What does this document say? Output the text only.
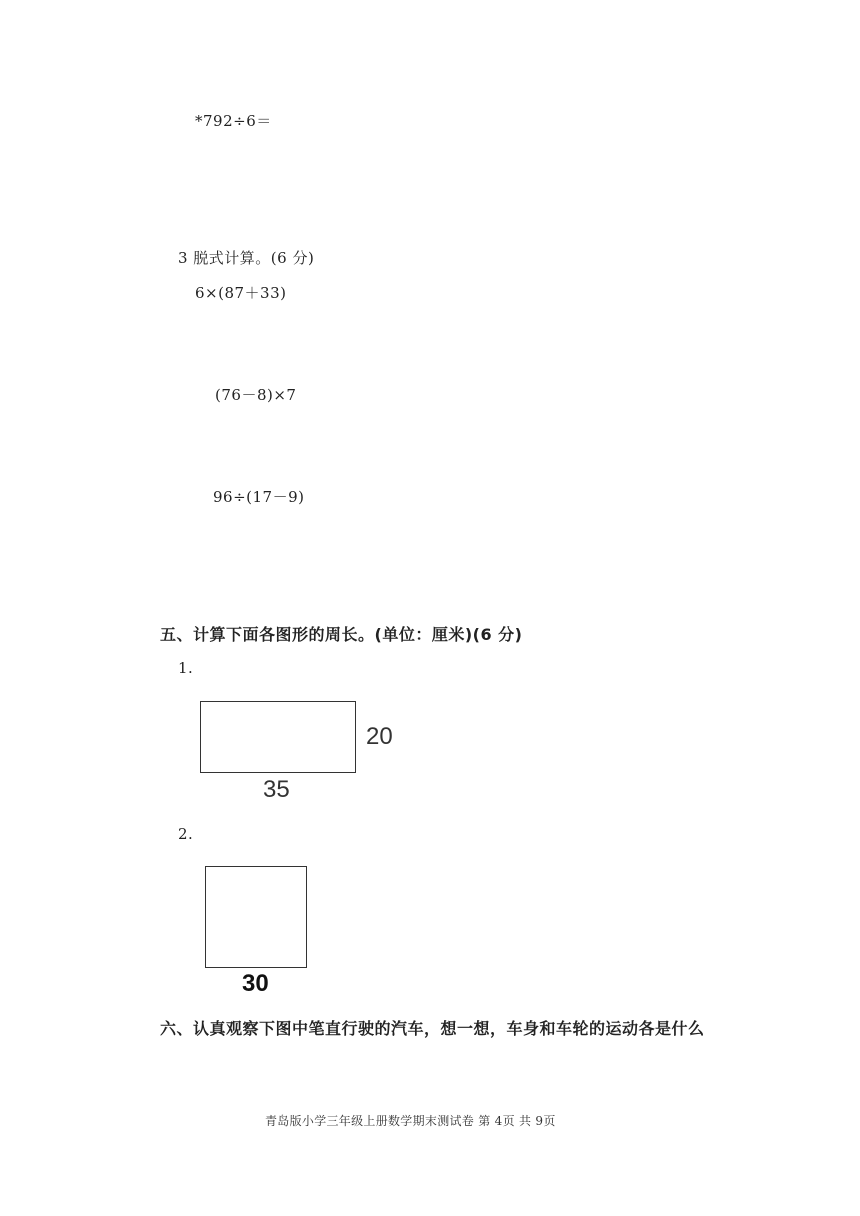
*792÷6＝
3 脱式计算。(6 分)
6×(87＋33)
(76－8)×7
96÷(17－9)
五、计算下面各图形的周长。(单位：厘米)(6 分)
1.
20
35
2.
30
六、认真观察下图中笔直行驶的汽车，想一想，车身和车轮的运动各是什么
青岛版小学三年级上册数学期末测试卷 第 4页 共 9页
